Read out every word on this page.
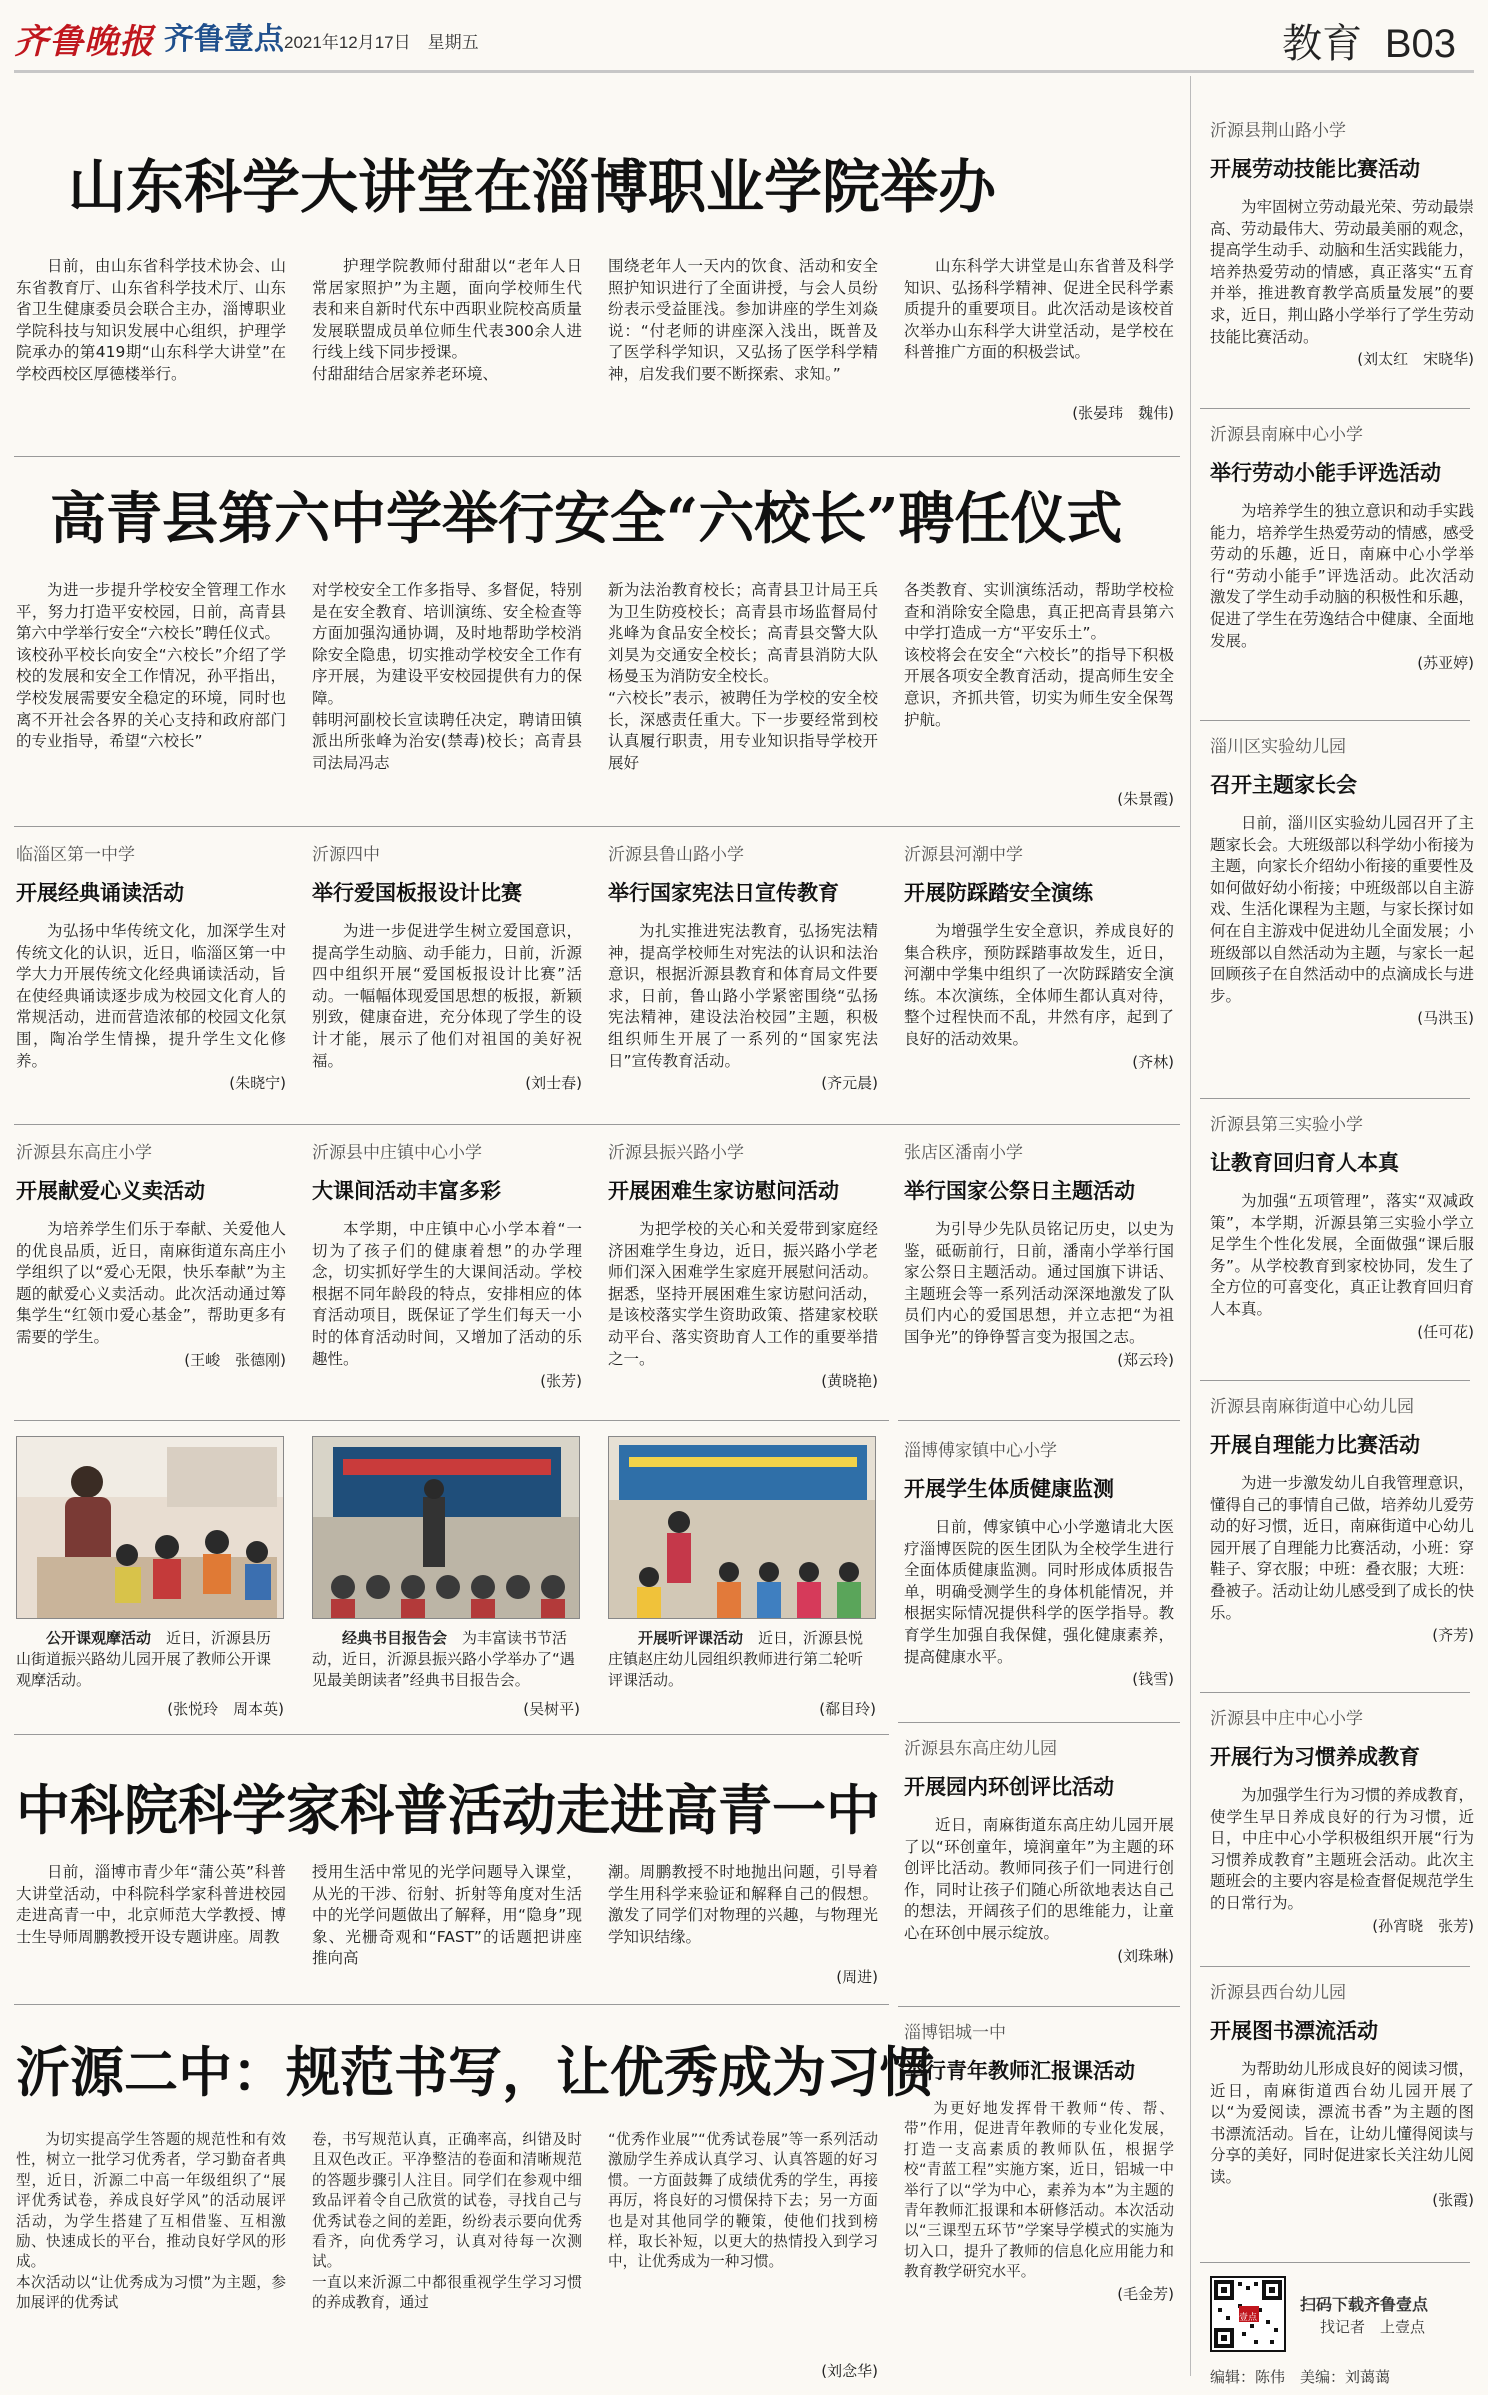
齐鲁晚报 齐鲁壹点 2021年12月17日　星期五	教育 B03
山东科学大讲堂在淄博职业学院举办
日前，由山东省科学技术协会、山东省教育厅、山东省科学技术厅、山东省卫生健康委员会联合主办，淄博职业学院科技与知识发展中心组织，护理学院承办的第419期“山东科学大讲堂”在学校西校区厚德楼举行。
护理学院教师付甜甜以“老年人日常居家照护”为主题，面向学校师生代表和来自新时代东中西职业院校高质量发展联盟成员单位师生代表300余人进行线上线下同步授课。
付甜甜结合居家养老环境、
围绕老年人一天内的饮食、活动和安全照护知识进行了全面讲授，与会人员纷纷表示受益匪浅。参加讲座的学生刘焱说：“付老师的讲座深入浅出，既普及了医学科学知识，又弘扬了医学科学精神，启发我们要不断探索、求知。”
山东科学大讲堂是山东省普及科学知识、弘扬科学精神、促进全民科学素质提升的重要项目。此次活动是该校首次举办山东科学大讲堂活动，是学校在科普推广方面的积极尝试。
(张晏玮　魏伟)
高青县第六中学举行安全“六校长”聘任仪式
为进一步提升学校安全管理工作水平，努力打造平安校园，日前，高青县第六中学举行安全“六校长”聘任仪式。
该校孙平校长向安全“六校长”介绍了学校的发展和安全工作情况，孙平指出，学校发展需要安全稳定的环境，同时也离不开社会各界的关心支持和政府部门的专业指导，希望“六校长”
对学校安全工作多指导、多督促，特别是在安全教育、培训演练、安全检查等方面加强沟通协调，及时地帮助学校消除安全隐患，切实推动学校安全工作有序开展，为建设平安校园提供有力的保障。
韩明河副校长宣读聘任决定，聘请田镇派出所张峰为治安(禁毒)校长；高青县司法局冯志
新为法治教育校长；高青县卫计局王兵为卫生防疫校长；高青县市场监督局付兆峰为食品安全校长；高青县交警大队刘昊为交通安全校长；高青县消防大队杨曼玉为消防安全校长。
“六校长”表示，被聘任为学校的安全校长，深感责任重大。下一步要经常到校认真履行职责，用专业知识指导学校开展好
各类教育、实训演练活动，帮助学校检查和消除安全隐患，真正把高青县第六中学打造成一方“平安乐土”。
该校将会在安全“六校长”的指导下积极开展各项安全教育活动，提高师生安全意识，齐抓共管，切实为师生安全保驾护航。
(朱景霞)
临淄区第一中学
开展经典诵读活动
为弘扬中华传统文化，加深学生对传统文化的认识，近日，临淄区第一中学大力开展传统文化经典诵读活动，旨在使经典诵读逐步成为校园文化育人的常规活动，进而营造浓郁的校园文化氛围，陶冶学生情操，提升学生文化修养。
(朱晓宁)
沂源四中
举行爱国板报设计比赛
为进一步促进学生树立爱国意识，提高学生动脑、动手能力，日前，沂源四中组织开展“爱国板报设计比赛”活动。一幅幅体现爱国思想的板报，新颖别致，健康奋进，充分体现了学生的设计才能，展示了他们对祖国的美好祝福。
(刘士春)
沂源县鲁山路小学
举行国家宪法日宣传教育
为扎实推进宪法教育，弘扬宪法精神，提高学校师生对宪法的认识和法治意识，根据沂源县教育和体育局文件要求，日前，鲁山路小学紧密围绕“弘扬宪法精神，建设法治校园”主题，积极组织师生开展了一系列的“国家宪法日”宣传教育活动。
(齐元晨)
沂源县河潮中学
开展防踩踏安全演练
为增强学生安全意识，养成良好的集合秩序，预防踩踏事故发生，近日，河潮中学集中组织了一次防踩踏安全演练。本次演练，全体师生都认真对待，整个过程快而不乱，井然有序，起到了良好的活动效果。
(齐林)
沂源县东高庄小学
开展献爱心义卖活动
为培养学生们乐于奉献、关爱他人的优良品质，近日，南麻街道东高庄小学组织了以“爱心无限，快乐奉献”为主题的献爱心义卖活动。此次活动通过筹集学生“红领巾爱心基金”，帮助更多有需要的学生。
(王峻　张德刚)
沂源县中庄镇中心小学
大课间活动丰富多彩
本学期，中庄镇中心小学本着“一切为了孩子们的健康着想”的办学理念，切实抓好学生的大课间活动。学校根据不同年龄段的特点，安排相应的体育活动项目，既保证了学生们每天一小时的体育活动时间，又增加了活动的乐趣性。
(张芳)
沂源县振兴路小学
开展困难生家访慰问活动
为把学校的关心和关爱带到家庭经济困难学生身边，近日，振兴路小学老师们深入困难学生家庭开展慰问活动。据悉，坚持开展困难生家访慰问活动，是该校落实学生资助政策、搭建家校联动平台、落实资助育人工作的重要举措之一。
(黄晓艳)
张店区潘南小学
举行国家公祭日主题活动
为引导少先队员铭记历史，以史为鉴，砥砺前行，日前，潘南小学举行国家公祭日主题活动。通过国旗下讲话、主题班会等一系列活动深深地激发了队员们内心的爱国思想，并立志把“为祖国争光”的铮铮誓言变为报国之志。
(郑云玲)
公开课观摩活动　 近日，沂源县历山街道振兴路幼儿园开展了教师公开课观摩活动。
(张悦玲　周本英)
经典书目报告会　 为丰富读书节活动，近日，沂源县振兴路小学举办了“遇见最美朗读者”经典书目报告会。
(吴树平)
开展听评课活动　 近日，沂源县悦庄镇赵庄幼儿园组织教师进行第二轮听评课活动。
(郗目玲)
淄博傅家镇中心小学
开展学生体质健康监测
日前，傅家镇中心小学邀请北大医疗淄博医院的医生团队为全校学生进行全面体质健康监测。同时形成体质报告单，明确受测学生的身体机能情况，并根据实际情况提供科学的医学指导。教育学生加强自我保健，强化健康素养，提高健康水平。
(钱雪)
沂源县东高庄幼儿园
开展园内环创评比活动
近日，南麻街道东高庄幼儿园开展了以“环创童年，境润童年”为主题的环创评比活动。教师同孩子们一同进行创作，同时让孩子们随心所欲地表达自己的想法，开阔孩子们的思维能力，让童心在环创中展示绽放。
(刘珠琳)
淄博铝城一中
举行青年教师汇报课活动
为更好地发挥骨干教师“传、帮、带”作用，促进青年教师的专业化发展，打造一支高素质的教师队伍，根据学校“青蓝工程”实施方案，近日，铝城一中举行了以“学为中心，素养为本”为主题的青年教师汇报课和本研修活动。本次活动以“三课型五环节”学案导学模式的实施为切入口，提升了教师的信息化应用能力和教育教学研究水平。
(毛金芳)
中科院科学家科普活动走进高青一中
日前，淄博市青少年“蒲公英”科普大讲堂活动，中科院科学家科普进校园走进高青一中，北京师范大学教授、博士生导师周鹏教授开设专题讲座。周教
授用生活中常见的光学问题导入课堂，从光的干涉、衍射、折射等角度对生活中的光学问题做出了解释，用“隐身”现象、光栅奇观和“FAST”的话题把讲座推向高
潮。周鹏教授不时地抛出问题，引导着学生用科学来验证和解释自己的假想。激发了同学们对物理的兴趣，与物理光学知识结缘。
(周进)
沂源二中：规范书写，让优秀成为习惯
为切实提高学生答题的规范性和有效性，树立一批学习优秀者，学习勤奋者典型，近日，沂源二中高一年级组织了“展评优秀试卷，养成良好学风”的活动展评活动，为学生搭建了互相借鉴、互相激励、快速成长的平台，推动良好学风的形成。
本次活动以“让优秀成为习惯”为主题，参加展评的优秀试
卷，书写规范认真，正确率高，纠错及时且双色改正。平净整洁的卷面和清晰规范的答题步骤引人注目。同学们在参观中细致品评着令自己欣赏的试卷，寻找自己与优秀试卷之间的差距，纷纷表示要向优秀看齐，向优秀学习，认真对待每一次测试。
一直以来沂源二中都很重视学生学习习惯的养成教育，通过
“优秀作业展”“优秀试卷展”等一系列活动激励学生养成认真学习、认真答题的好习惯。一方面鼓舞了成绩优秀的学生，再接再厉，将良好的习惯保持下去；另一方面也是对其他同学的鞭策，使他们找到榜样，取长补短，以更大的热情投入到学习中，让优秀成为一种习惯。
(刘念华)
沂源县荆山路小学
开展劳动技能比赛活动
为牢固树立劳动最光荣、劳动最崇高、劳动最伟大、劳动最美丽的观念，提高学生动手、动脑和生活实践能力，培养热爱劳动的情感，真正落实“五育并举，推进教育教学高质量发展”的要求，近日，荆山路小学举行了学生劳动技能比赛活动。
(刘太红　宋晓华)
沂源县南麻中心小学
举行劳动小能手评选活动
为培养学生的独立意识和动手实践能力，培养学生热爱劳动的情感，感受劳动的乐趣，近日，南麻中心小学举行“劳动小能手”评选活动。此次活动激发了学生动手动脑的积极性和乐趣，促进了学生在劳逸结合中健康、全面地发展。
(苏亚婷)
淄川区实验幼儿园
召开主题家长会
日前，淄川区实验幼儿园召开了主题家长会。大班级部以科学幼小衔接为主题，向家长介绍幼小衔接的重要性及如何做好幼小衔接；中班级部以自主游戏、生活化课程为主题，与家长探讨如何在自主游戏中促进幼儿全面发展；小班级部以自然活动为主题，与家长一起回顾孩子在自然活动中的点滴成长与进步。
(马洪玉)
沂源县第三实验小学
让教育回归育人本真
为加强“五项管理”，落实“双减政策”，本学期，沂源县第三实验小学立足学生个性化发展，全面做强“课后服务”。从学校教育到家校协同，发生了全方位的可喜变化，真正让教育回归育人本真。
(任可花)
沂源县南麻街道中心幼儿园
开展自理能力比赛活动
为进一步激发幼儿自我管理意识，懂得自己的事情自己做，培养幼儿爱劳动的好习惯，近日，南麻街道中心幼儿园开展了自理能力比赛活动，小班：穿鞋子、穿衣服；中班：叠衣服；大班：叠被子。活动让幼儿感受到了成长的快乐。
(齐芳)
沂源县中庄中心小学
开展行为习惯养成教育
为加强学生行为习惯的养成教育，使学生早日养成良好的行为习惯，近日，中庄中心小学积极组织开展“行为习惯养成教育”主题班会活动。此次主题班会的主要内容是检查督促规范学生的日常行为。
(孙宵晓　张芳)
沂源县西台幼儿园
开展图书漂流活动
为帮助幼儿形成良好的阅读习惯，近日，南麻街道西台幼儿园开展了以“为爱阅读，漂流书香”为主题的图书漂流活动。旨在，让幼儿懂得阅读与分享的美好，同时促进家长关注幼儿阅读。
(张霞)
壹点
扫码下载齐鲁壹点
找记者　上壹点
编辑：陈伟　美编：刘蔼蔼
